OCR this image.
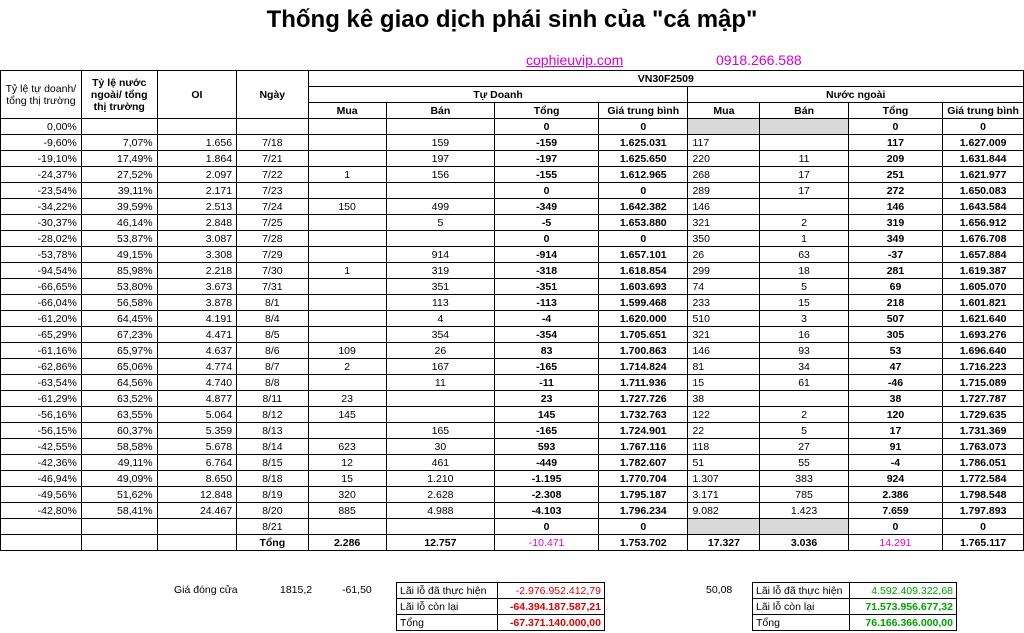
Thống kê giao dịch phái sinh của "cá mập"
cophieuvip.com	0918.266.588
Tỷ lệ tự doanh/ tổng thị trường	Tỷ lệ nước ngoài/ tổng thị trường	OI	Ngày	VN30F2509							
				Tự Doanh				Nước ngoài			
				Mua	Bán	Tổng	Giá trung bình	Mua	Bán	Tổng	Giá trung bình
0,00%						0	0			0	0
-9,60%	7,07%	1.656	7/18		159	-159	1.625.031	117		117	1.627.009
-19,10%	17,49%	1.864	7/21		197	-197	1.625.650	220	11	209	1.631.844
-24,37%	27,52%	2.097	7/22	1	156	-155	1.612.965	268	17	251	1.621.977
-23,54%	39,11%	2.171	7/23			0	0	289	17	272	1.650.083
-34,22%	39,59%	2.513	7/24	150	499	-349	1.642.382	146		146	1.643.584
-30,37%	46,14%	2.848	7/25		5	-5	1.653.880	321	2	319	1.656.912
-28,02%	53,87%	3.087	7/28			0	0	350	1	349	1.676.708
-53,78%	49,15%	3.308	7/29		914	-914	1.657.101	26	63	-37	1.657.884
-94,54%	85,98%	2.218	7/30	1	319	-318	1.618.854	299	18	281	1.619.387
-66,65%	53,80%	3.673	7/31		351	-351	1.603.693	74	5	69	1.605.070
-66,04%	56,58%	3.878	8/1		113	-113	1.599.468	233	15	218	1.601.821
-61,20%	64,45%	4.191	8/4		4	-4	1.620.000	510	3	507	1.621.640
-65,29%	67,23%	4.471	8/5		354	-354	1.705.651	321	16	305	1.693.276
-61,16%	65,97%	4.637	8/6	109	26	83	1.700.863	146	93	53	1.696.640
-62,86%	65,06%	4.774	8/7	2	167	-165	1.714.824	81	34	47	1.716.223
-63,54%	64,56%	4.740	8/8		11	-11	1.711.936	15	61	-46	1.715.089
-61,29%	63,52%	4.877	8/11	23		23	1.727.726	38		38	1.727.787
-56,16%	63,55%	5.064	8/12	145		145	1.732.763	122	2	120	1.729.635
-56,15%	60,37%	5.359	8/13		165	-165	1.724.901	22	5	17	1.731.369
-42,55%	58,58%	5.678	8/14	623	30	593	1.767.116	118	27	91	1.763.073
-42,36%	49,11%	6.764	8/15	12	461	-449	1.782.607	51	55	-4	1.786.051
-46,94%	49,09%	8.650	8/18	15	1.210	-1.195	1.770.704	1.307	383	924	1.772.584
-49,56%	51,62%	12.848	8/19	320	2.628	-2.308	1.795.187	3.171	785	2.386	1.798.548
-42,80%	58,41%	24.467	8/20	885	4.988	-4.103	1.796.234	9.082	1.423	7.659	1.797.893
			8/21			0	0			0	0
			Tổng	2.286	12.757	-10.471	1.753.702	17.327	3.036	14.291	1.765.117
Giá đóng cửa	1815,2	-61,50	50,08
Lãi lỗ đã thực hiện	-2.976.952.412,79
Lãi lỗ còn lại	-64.394.187.587,21
Tổng	-67.371.140.000,00
Lãi lỗ đã thực hiện	4.592.409.322,68
Lãi lỗ còn lại	71.573.956.677,32
Tổng	76.166.366.000,00
